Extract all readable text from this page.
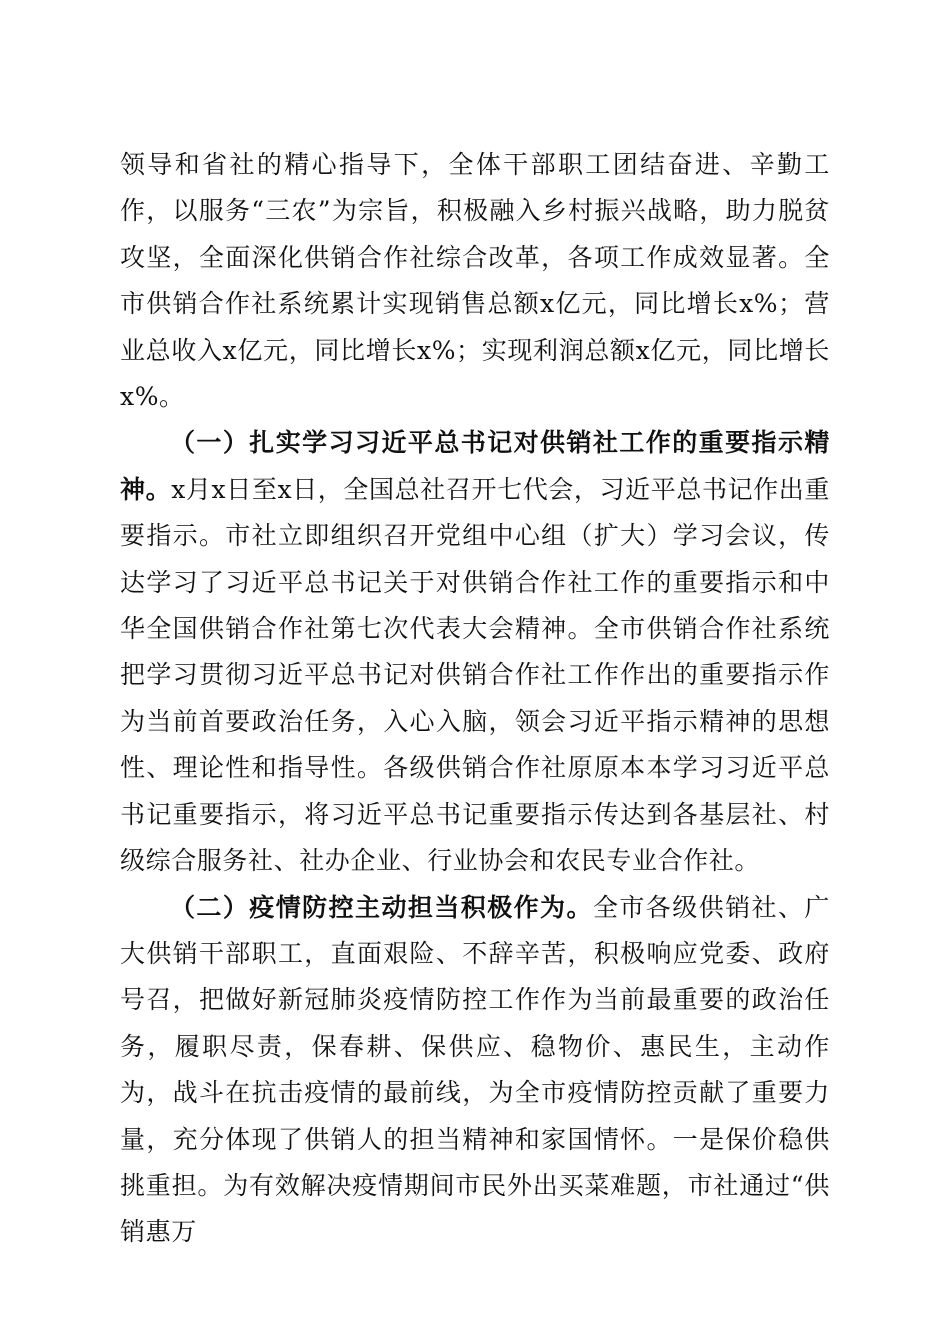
领导和省社的精心指导下，全体干部职工团结奋进、辛勤工作，以服务“三农”为宗旨，积极融入乡村振兴战略，助力脱贫攻坚，全面深化供销合作社综合改革，各项工作成效显著。全市供销合作社系统累计实现销售总额x亿元，同比增长x%；营业总收入x亿元，同比增长x%；实现利润总额x亿元，同比增长x%。

（一）扎实学习习近平总书记对供销社工作的重要指示精神。x月x日至x日，全国总社召开七代会，习近平总书记作出重要指示。市社立即组织召开党组中心组（扩大）学习会议，传达学习了习近平总书记关于对供销合作社工作的重要指示和中华全国供销合作社第七次代表大会精神。全市供销合作社系统把学习贯彻习近平总书记对供销合作社工作作出的重要指示作为当前首要政治任务，入心入脑，领会习近平指示精神的思想性、理论性和指导性。各级供销合作社原原本本学习习近平总书记重要指示，将习近平总书记重要指示传达到各基层社、村级综合服务社、社办企业、行业协会和农民专业合作社。

（二）疫情防控主动担当积极作为。全市各级供销社、广大供销干部职工，直面艰险、不辞辛苦，积极响应党委、政府号召，把做好新冠肺炎疫情防控工作作为当前最重要的政治任务，履职尽责，保春耕、保供应、稳物价、惠民生，主动作为，战斗在抗击疫情的最前线，为全市疫情防控贡献了重要力量，充分体现了供销人的担当精神和家国情怀。一是保价稳供挑重担。为有效解决疫情期间市民外出买菜难题，市社通过“供销惠万
